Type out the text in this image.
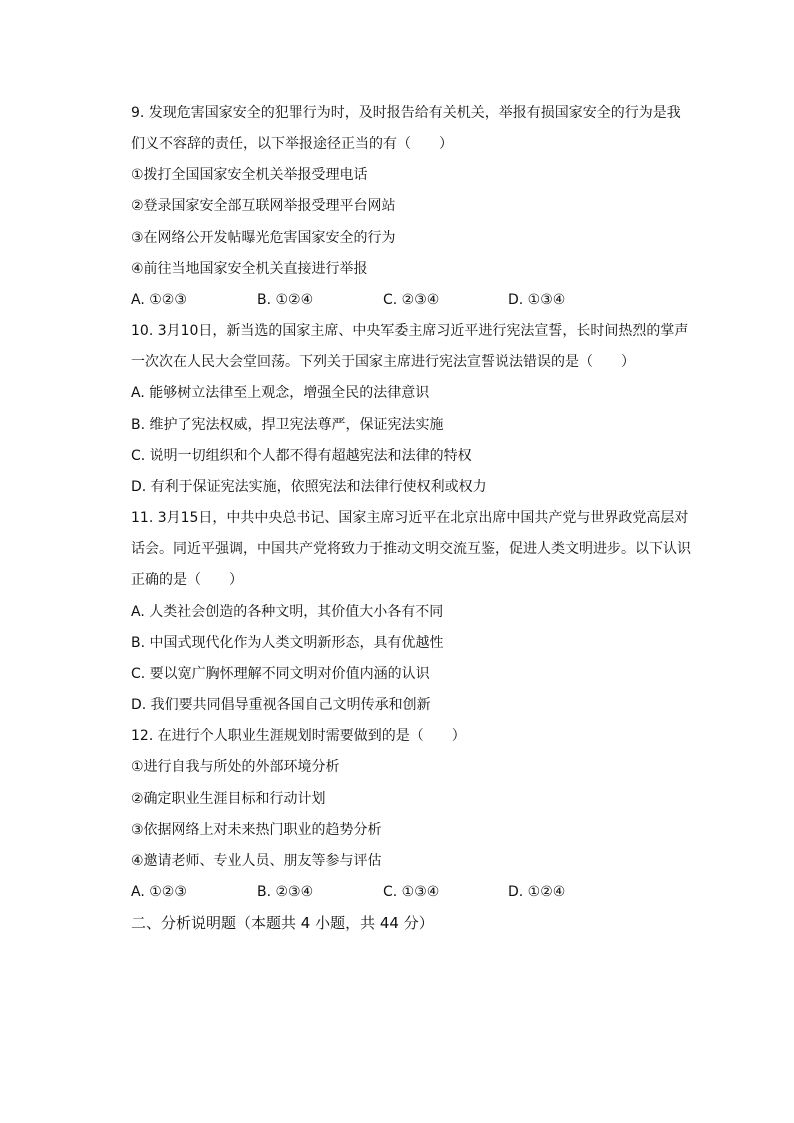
9. 发现危害国家安全的犯罪行为时，及时报告给有关机关，举报有损国家安全的行为是我
们义不容辞的责任，以下举报途径正当的有（　　）
①拨打全国国家安全机关举报受理电话
②登录国家安全部互联网举报受理平台网站
③在网络公开发帖曝光危害国家安全的行为
④前往当地国家安全机关直接进行举报
A. ①②③	B. ①②④	C. ②③④	D. ①③④
10. 3月10日，新当选的国家主席、中央军委主席习近平进行宪法宣誓，长时间热烈的掌声
一次次在人民大会堂回荡。下列关于国家主席进行宪法宣誓说法错误的是（　　）
A. 能够树立法律至上观念，增强全民的法律意识
B. 维护了宪法权威，捍卫宪法尊严，保证宪法实施
C. 说明一切组织和个人都不得有超越宪法和法律的特权
D. 有利于保证宪法实施，依照宪法和法律行使权利或权力
11. 3月15日，中共中央总书记、国家主席习近平在北京出席中国共产党与世界政党高层对
话会。同近平强调，中国共产党将致力于推动文明交流互鉴，促进人类文明进步。以下认识
正确的是（　　）
A. 人类社会创造的各种文明，其价值大小各有不同
B. 中国式现代化作为人类文明新形态，具有优越性
C. 要以宽广胸怀理解不同文明对价值内涵的认识
D. 我们要共同倡导重视各国自己文明传承和创新
12. 在进行个人职业生涯规划时需要做到的是（　　）
①进行自我与所处的外部环境分析
②确定职业生涯目标和行动计划
③依据网络上对未来热门职业的趋势分析
④邀请老师、专业人员、朋友等参与评估
A. ①②③	B. ②③④	C. ①③④	D. ①②④
二、分析说明题（本题共 4 小题，共 44 分）
